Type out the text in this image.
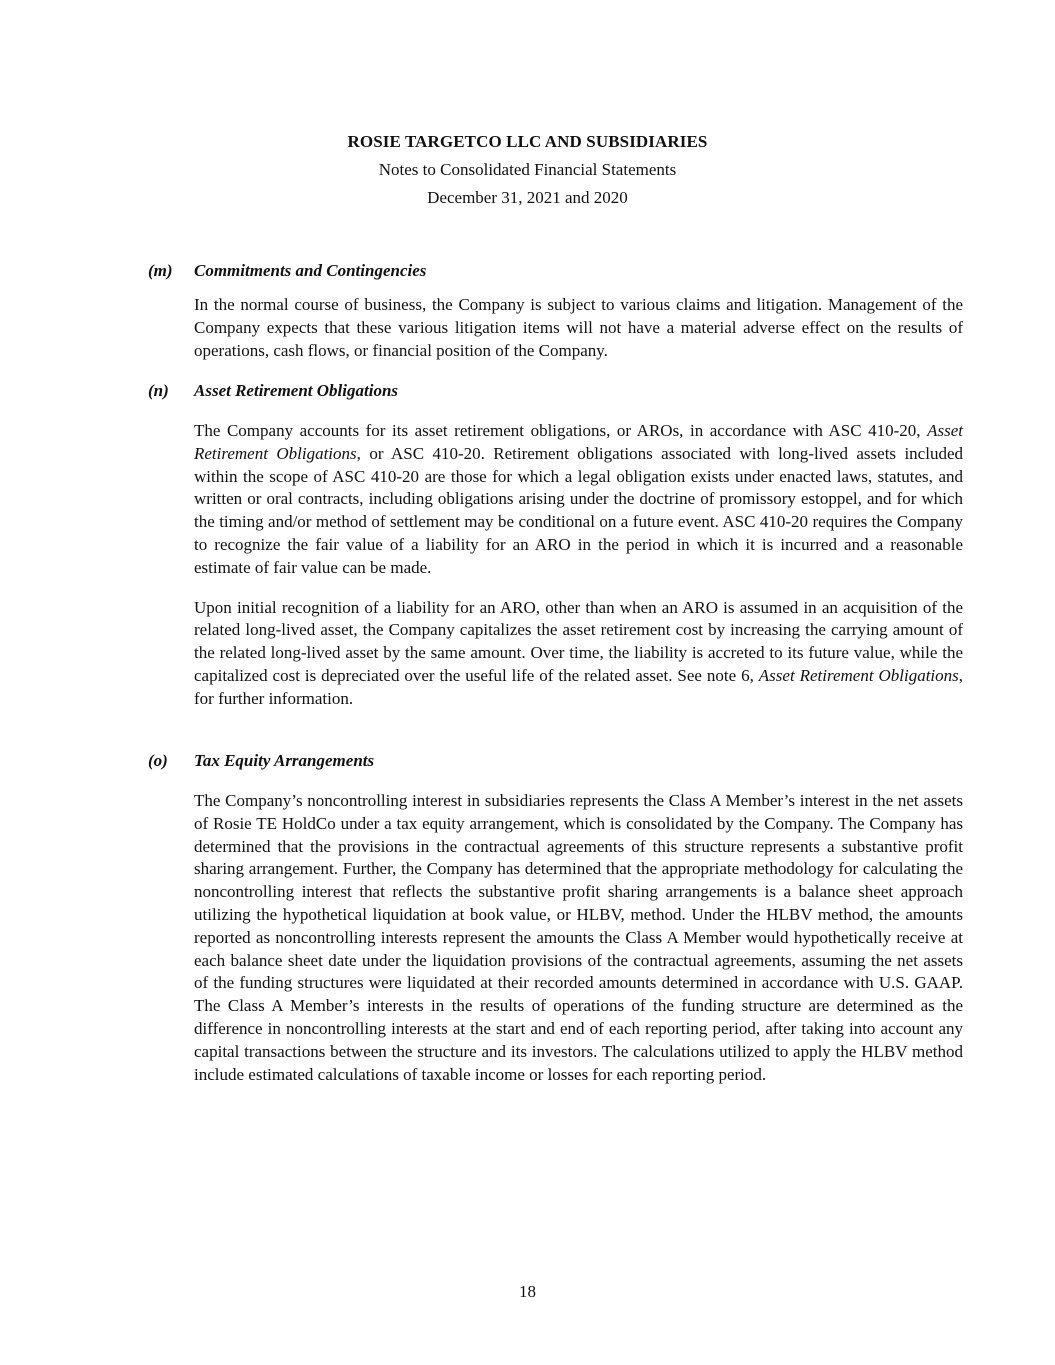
ROSIE TARGETCO LLC AND SUBSIDIARIES
Notes to Consolidated Financial Statements
December 31, 2021 and 2020
(m)	Commitments and Contingencies
In the normal course of business, the Company is subject to various claims and litigation. Management of the Company expects that these various litigation items will not have a material adverse effect on the results of operations, cash flows, or financial position of the Company.
(n)	Asset Retirement Obligations
The Company accounts for its asset retirement obligations, or AROs, in accordance with ASC 410-20, Asset Retirement Obligations, or ASC 410-20. Retirement obligations associated with long-lived assets included within the scope of ASC 410-20 are those for which a legal obligation exists under enacted laws, statutes, and written or oral contracts, including obligations arising under the doctrine of promissory estoppel, and for which the timing and/or method of settlement may be conditional on a future event. ASC 410-20 requires the Company to recognize the fair value of a liability for an ARO in the period in which it is incurred and a reasonable estimate of fair value can be made.
Upon initial recognition of a liability for an ARO, other than when an ARO is assumed in an acquisition of the related long-lived asset, the Company capitalizes the asset retirement cost by increasing the carrying amount of the related long-lived asset by the same amount. Over time, the liability is accreted to its future value, while the capitalized cost is depreciated over the useful life of the related asset. See note 6, Asset Retirement Obligations, for further information.
(o)	Tax Equity Arrangements
The Company’s noncontrolling interest in subsidiaries represents the Class A Member’s interest in the net assets of Rosie TE HoldCo under a tax equity arrangement, which is consolidated by the Company. The Company has determined that the provisions in the contractual agreements of this structure represents a substantive profit sharing arrangement. Further, the Company has determined that the appropriate methodology for calculating the noncontrolling interest that reflects the substantive profit sharing arrangements is a balance sheet approach utilizing the hypothetical liquidation at book value, or HLBV, method. Under the HLBV method, the amounts reported as noncontrolling interests represent the amounts the Class A Member would hypothetically receive at each balance sheet date under the liquidation provisions of the contractual agreements, assuming the net assets of the funding structures were liquidated at their recorded amounts determined in accordance with U.S. GAAP. The Class A Member’s interests in the results of operations of the funding structure are determined as the difference in noncontrolling interests at the start and end of each reporting period, after taking into account any capital transactions between the structure and its investors. The calculations utilized to apply the HLBV method include estimated calculations of taxable income or losses for each reporting period.
18
